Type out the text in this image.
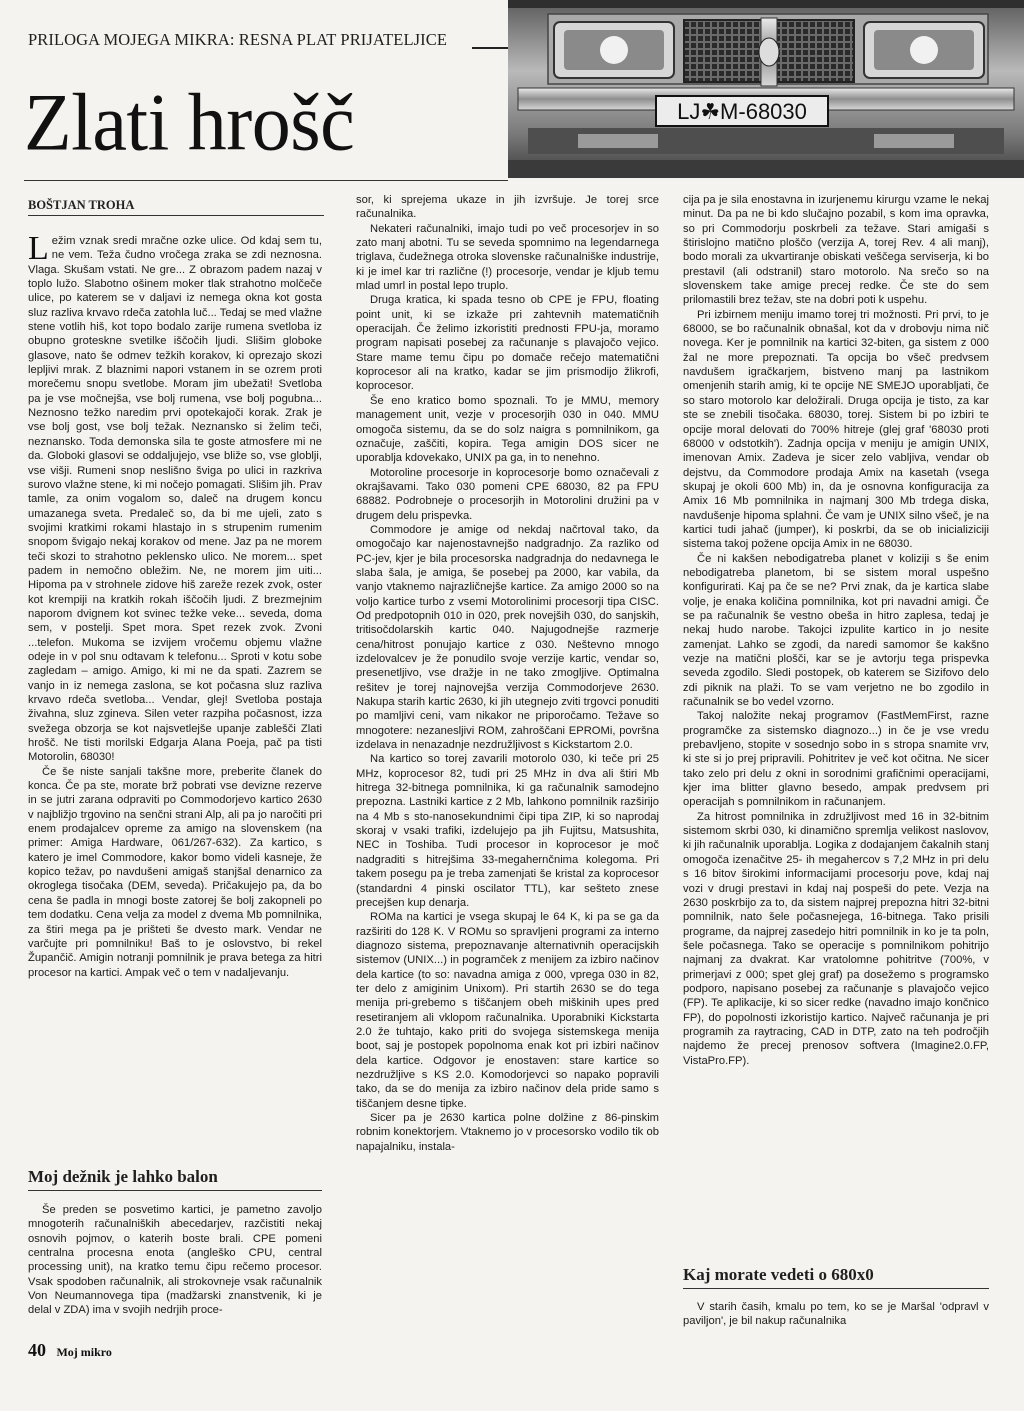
PRILOGA MOJEGA MIKRA: RESNA PLAT PRIJATELJICE
Zlati hrošč	LJ☘M-68030
BOŠTJAN TROHA

Ležim vznak sredi mračne ozke ulice. Od kdaj sem tu, ne vem. Teža čudno vročega zraka se zdi neznosna. Vlaga. Skušam vstati. Ne gre... Z obrazom padem nazaj v toplo lužo. Slabotno ošinem moker tlak strahotno molčeče ulice, po katerem se v daljavi iz nemega okna kot gosta sluz razliva krvavo rdeča zatohla luč... Tedaj se med vlažne stene votlih hiš, kot topo bodalo zarije rumena svetloba iz obupno groteskne svetilke iščočih ljudi. Slišim globoke glasove, nato še odmev težkih korakov, ki oprezajo skozi lepljivi mrak. Z blaznimi napori vstanem in se ozrem proti morečemu snopu svetlobe. Moram jim ubežati! Svetloba pa je vse močnejša, vse bolj rumena, vse bolj pogubna... Neznosno težko naredim prvi opotekajoči korak. Zrak je vse bolj gost, vse bolj težak. Neznansko si želim teči, neznansko. Toda demonska sila te goste atmosfere mi ne da. Globoki glasovi se oddaljujejo, vse bliže so, vse globlji, vse višji. Rumeni snop neslišno šviga po ulici in razkriva surovo vlažne stene, ki mi nočejo pomagati. Slišim jih. Prav tamle, za onim vogalom so, daleč na drugem koncu umazanega sveta. Predaleč so, da bi me ujeli, zato s svojimi kratkimi rokami hlastajo in s strupenim rumenim snopom švigajo nekaj korakov od mene. Jaz pa ne morem teči skozi to strahotno peklensko ulico. Ne morem... spet padem in nemočno obležim. Ne, ne morem jim uiti... Hipoma pa v strohnele zidove hiš zareže rezek zvok, oster kot krempiji na kratkih rokah iščočih ljudi. Z brezmejnim naporom dvignem kot svinec težke veke... seveda, doma sem, v postelji. Spet mora. Spet rezek zvok. Zvoni ...telefon. Mukoma se izvijem vročemu objemu vlažne odeje in v pol snu odtavam k telefonu... Sproti v kotu sobe zagledam – amigo. Amigo, ki mi ne da spati. Zazrem se vanjo in iz nemega zaslona, se kot počasna sluz razliva krvavo rdeča svetloba... Vendar, glej! Svetloba postaja živahna, sluz zgineva. Silen veter razpiha počasnost, izza svežega obzorja se kot najsvetlejše upanje zablešči Zlati hrošč. Ne tisti morilski Edgarja Alana Poeja, pač pa tisti Motorolin, 68030!

Če še niste sanjali takšne more, preberite članek do konca. Če pa ste, morate brž pobrati vse devizne rezerve in se jutri zarana odpraviti po Commodorjevo kartico 2630 v najbližjo trgovino na senčni strani Alp, ali pa jo naročiti pri enem prodajalcev opreme za amigo na slovenskem (na primer: Amiga Hardware, 061/267-632). Za kartico, s katero je imel Commodore, kakor bomo videli kasneje, že kopico težav, po navdušeni amigaš stanjšal denarnico za okroglega tisočaka (DEM, seveda). Pričakujejo pa, da bo cena še padla in mnogi boste zatorej še bolj zakopneli po tem dodatku. Cena velja za model z dvema Mb pomnilnika, za štiri mega pa je prišteti še dvesto mark. Vendar ne varčujte pri pomnilniku! Baš to je oslovstvo, bi rekel Župančič. Amigin notranji pomnilnik je prava betega za hitri procesor na kartici. Ampak več o tem v nadaljevanju.

Moj dežnik je lahko balon

Še preden se posvetimo kartici, je pametno zavoljo mnogoterih računalniških abecedarjev, razčistiti nekaj osnovih pojmov, o katerih boste brali. CPE pomeni centralna procesna enota (angleško CPU, central processing unit), na kratko temu čipu rečemo procesor. Vsak spodoben računalnik, ali strokovneje vsak računalnik Von Neumannovega tipa (madžarski znanstvenik, ki je delal v ZDA) ima v svojih nedrjih proce-

sor, ki sprejema ukaze in jih izvršuje. Je torej srce računalnika.

Nekateri računalniki, imajo tudi po več procesorjev in so zato manj abotni. Tu se seveda spomnimo na legendarnega triglava, čudežnega otroka slovenske računalniške industrije, ki je imel kar tri različne (!) procesorje, vendar je kljub temu mlad umrl in postal lepo truplo.

Druga kratica, ki spada tesno ob CPE je FPU, floating point unit, ki se izkaže pri zahtevnih matematičnih operacijah. Če želimo izkoristiti prednosti FPU-ja, moramo program napisati posebej za računanje s plavajočo vejico. Stare mame temu čipu po domače rečejo matematični koprocesor ali na kratko, kadar se jim prismodijo žlikrofi, koprocesor.

Še eno kratico bomo spoznali. To je MMU, memory management unit, vezje v procesorjih 030 in 040. MMU omogoča sistemu, da se do solz naigra s pomnilnikom, ga označuje, zaščiti, kopira. Tega amigin DOS sicer ne uporablja kdovekako, UNIX pa ga, in to nenehno.

Motoroline procesorje in koprocesorje bomo označevali z okrajšavami. Tako 030 pomeni CPE 68030, 82 pa FPU 68882. Podrobneje o procesorjih in Motorolini družini pa v drugem delu prispevka.

Commodore je amige od nekdaj načrtoval tako, da omogočajo kar najenostavnejšo nadgradnjo. Za razliko od PC-jev, kjer je bila procesorska nadgradnja do nedavnega le slaba šala, je amiga, še posebej pa 2000, kar vabila, da vanjo vtaknemo najrazličnejše kartice. Za amigo 2000 so na voljo kartice turbo z vsemi Motorolinimi procesorji tipa CISC. Od predpotopnih 010 in 020, prek novejših 030, do sanjskih, tritisočdolarskih kartic 040. Najugodnejše razmerje cena/hitrost ponujajo kartice z 030. Neštevno mnogo izdelovalcev je že ponudilo svoje verzije kartic, vendar so, presenetljivo, vse dražje in ne tako zmogljive. Optimalna rešitev je torej najnovejša verzija Commodorjeve 2630. Nakupa starih kartic 2630, ki jih utegnejo zviti trgovci ponuditi po mamljivi ceni, vam nikakor ne priporočamo. Težave so mnogotere: nezanesljivi ROM, zahroščani EPROMi, površna izdelava in nenazadnje nezdružljivost s Kickstartom 2.0.

Na kartico so torej zavarili motorolo 030, ki teče pri 25 MHz, koprocesor 82, tudi pri 25 MHz in dva ali štiri Mb hitrega 32-bitnega pomnilnika, ki ga računalnik samodejno prepozna. Lastniki kartice z 2 Mb, lahkono pomnilnik razširijo na 4 Mb s sto-nanosekundnimi čipi tipa ZIP, ki so naprodaj skoraj v vsaki trafiki, izdelujejo pa jih Fujitsu, Matsushita, NEC in Toshiba. Tudi procesor in koprocesor je moč nadgraditi s hitrejšima 33-megahernčnima kolegoma. Pri takem posegu pa je treba zamenjati še kristal za koprocesor (standardni 4 pinski oscilator TTL), kar sešteto znese precejšen kup denarja.

ROMa na kartici je vsega skupaj le 64 K, ki pa se ga da razširiti do 128 K. V ROMu so spravljeni programi za interno diagnozo sistema, prepoznavanje alternativnih operacijskih sistemov (UNIX...) in pogramček z menijem za izbiro načinov dela kartice (to so: navadna amiga z 000, vprega 030 in 82, ter delo z amiginim Unixom). Pri startih 2630 se do tega menija pri-grebemo s tiščanjem obeh miškinih upes pred resetiranjem ali vklopom računalnika. Uporabniki Kickstarta 2.0 že tuhtajo, kako priti do svojega sistemskega menija boot, saj je postopek popolnoma enak kot pri izbiri načinov dela kartice. Odgovor je enostaven: stare kartice so nezdružljive s KS 2.0. Komodorjevci so napako popravili tako, da se do menija za izbiro načinov dela pride samo s tiščanjem desne tipke.

Sicer pa je 2630 kartica polne dolžine z 86-pinskim robnim konektorjem. Vtaknemo jo v procesorsko vodilo tik ob napajalniku, instala-

cija pa je sila enostavna in izurjenemu kirurgu vzame le nekaj minut. Da pa ne bi kdo slučajno pozabil, s kom ima opravka, so pri Commodorju poskrbeli za težave. Stari amigaši s štirislojno matično ploščo (verzija A, torej Rev. 4 ali manj), bodo morali za ukvartiranje obiskati veščega serviserja, ki bo prestavil (ali odstranil) staro motorolo. Na srečo so na slovenskem take amige precej redke. Če ste do sem prilomastili brez težav, ste na dobri poti k uspehu.

Pri izbirnem meniju imamo torej tri možnosti. Pri prvi, to je 68000, se bo računalnik obnašal, kot da v drobovju nima nič novega. Ker je pomnilnik na kartici 32-biten, ga sistem z 000 žal ne more prepoznati. Ta opcija bo všeč predvsem navdušem igračkarjem, bistveno manj pa lastnikom omenjenih starih amig, ki te opcije NE SMEJO uporabljati, če so staro motorolo kar deložirali. Druga opcija je tisto, za kar ste se znebili tisočaka. 68030, torej. Sistem bi po izbiri te opcije moral delovati do 700% hitreje (glej graf '68030 proti 68000 v odstotkih'). Zadnja opcija v meniju je amigin UNIX, imenovan Amix. Zadeva je sicer zelo vabljiva, vendar ob dejstvu, da Commodore prodaja Amix na kasetah (vsega skupaj je okoli 600 Mb) in, da je osnovna konfiguracija za Amix 16 Mb pomnilnika in najmanj 300 Mb trdega diska, navdušenje hipoma splahni. Če vam je UNIX silno všeč, je na kartici tudi jahač (jumper), ki poskrbi, da se ob inicializiciji sistema takoj požene opcija Amix in ne 68030.

Če ni kakšen nebodigatreba planet v koliziji s še enim nebodigatreba planetom, bi se sistem moral uspešno konfigurirati. Kaj pa če se ne? Prvi znak, da je kartica slabe volje, je enaka količina pomnilnika, kot pri navadni amigi. Če se pa računalnik še vestno obeša in hitro zaplesa, tedaj je nekaj hudo narobe. Takojci izpulite kartico in jo nesite zamenjat. Lahko se zgodi, da naredi samomor še kakšno vezje na matični plošči, kar se je avtorju tega prispevka seveda zgodilo. Sledi postopek, ob katerem se Sizifovo delo zdi piknik na plaži. To se vam verjetno ne bo zgodilo in računalnik se bo vedel vzorno.

Takoj naložite nekaj programov (FastMemFirst, razne programčke za sistemsko diagnozo...) in če je vse vredu prebavljeno, stopite v sosednjo sobo in s stropa snamite vrv, ki ste si jo prej pripravili. Pohitritev je več kot očitna. Ne sicer tako zelo pri delu z okni in sorodnimi grafičnimi operacijami, kjer ima blitter glavno besedo, ampak predvsem pri operacijah s pomnilnikom in računanjem.

Za hitrost pomnilnika in združljivost med 16 in 32-bitnim sistemom skrbi 030, ki dinamično spremlja velikost naslovov, ki jih računalnik uporablja. Logika z dodajanjem čakalnih stanj omogoča izenačitve 25- ih megahercov s 7,2 MHz in pri delu s 16 bitov širokimi informacijami procesorju pove, kdaj naj vozi v drugi prestavi in kdaj naj pospeši do pete. Vezja na 2630 poskrbijo za to, da sistem najprej prepozna hitri 32-bitni pomnilnik, nato šele počasnejega, 16-bitnega. Tako prisili programe, da najprej zasedejo hitri pomnilnik in ko je ta poln, šele počasnega. Tako se operacije s pomnilnikom pohitrijo najmanj za dvakrat. Kar vratolomne pohitritve (700%, v primerjavi z 000; spet glej graf) pa dosežemo s programsko podporo, napisano posebej za računanje s plavajočo vejico (FP). Te aplikacije, ki so sicer redke (navadno imajo končnico FP), do popolnosti izkoristijo kartico. Največ računanja je pri programih za raytracing, CAD in DTP, zato na teh področjih najdemo že precej prenosov softvera (Imagine2.0.FP, VistaPro.FP).

Kaj morate vedeti o 680x0

V starih časih, kmalu po tem, ko se je Maršal 'odpravl v paviljon', je bil nakup računalnika

40 Moj mikro
